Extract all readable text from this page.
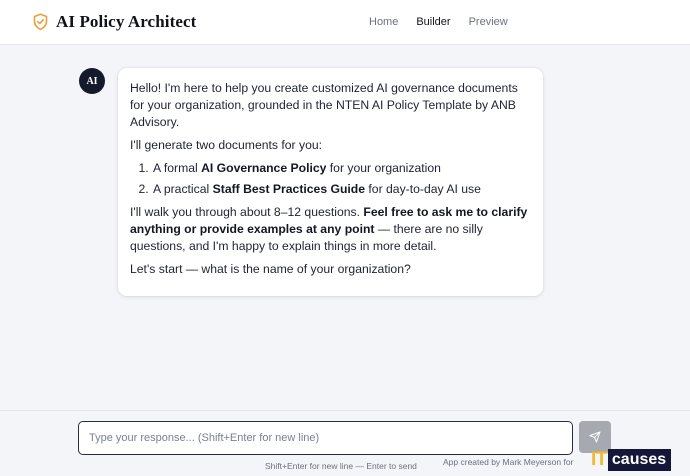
AI Policy Architect	Home Builder Preview
AI	Hello! I'm here to help you create customized AI governance documents for your organization, grounded in the NTEN AI Policy Template by ANB Advisory.

I'll generate two documents for you:

1. A formal AI Governance Policy for your organization
2. A practical Staff Best Practices Guide for day-to-day AI use

I'll walk you through about 8–12 questions. Feel free to ask me to clarify anything or provide examples at any point — there are no silly questions, and I'm happy to explain things in more detail.

Let's start — what is the name of your organization?

Type your response... (Shift+Enter for new line)
Shift+Enter for new line — Enter to send	App created by Mark Meyerson for IT causes
